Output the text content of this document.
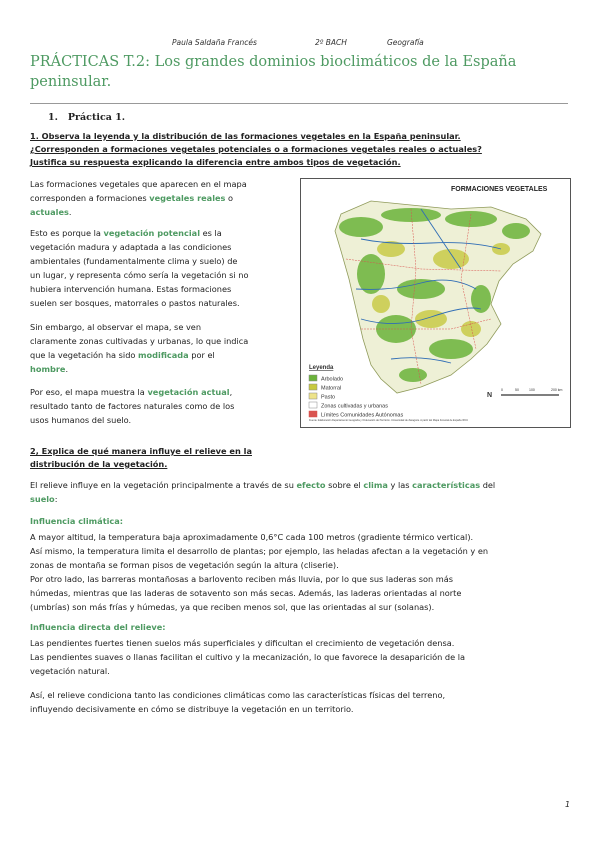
Paula Saldaña Francés	2º BACH	Geografía
PRÁCTICAS T.2: Los grandes dominios bioclimáticos de la España peninsular.
1. Práctica 1.
1. Observa la leyenda y la distribución de las formaciones vegetales en la España peninsular.
¿Corresponden a formaciones vegetales potenciales o a formaciones vegetales reales o actuales?
Justifica su respuesta explicando la diferencia entre ambos tipos de vegetación.
Las formaciones vegetales que aparecen en el mapa
corresponden a formaciones vegetales reales o
actuales.
Esto es porque la vegetación potencial es la
vegetación madura y adaptada a las condiciones
ambientales (fundamentalmente clima y suelo) de
un lugar, y representa cómo sería la vegetación si no
hubiera intervención humana. Estas formaciones
suelen ser bosques, matorrales o pastos naturales.
Sin embargo, al observar el mapa, se ven
claramente zonas cultivadas y urbanas, lo que indica
que la vegetación ha sido modificada por el
hombre.
Por eso, el mapa muestra la vegetación actual,
resultado tanto de factores naturales como de los
usos humanos del suelo.
FORMACIONES VEGETALES
Leyenda
Arbolado
Matorral
Pasto
Zonas cultivadas y urbanas
Límites Comunidades Autónomas
0	50	100	200 km
N
Fuente: Elaboración Departamento Geografía y Ordenación del Territorio. Universidad de Zaragoza. A partir del Mapa Forestal de España IFN4
2, Explica de qué manera influye el relieve en la
distribución de la vegetación.
El relieve influye en la vegetación principalmente a través de su efecto sobre el clima y las características del
suelo:
Influencia climática:
A mayor altitud, la temperatura baja aproximadamente 0,6°C cada 100 metros (gradiente térmico vertical).
Así mismo, la temperatura limita el desarrollo de plantas; por ejemplo, las heladas afectan a la vegetación y en
zonas de montaña se forman pisos de vegetación según la altura (cliserie).
Por otro lado, las barreras montañosas a barlovento reciben más lluvia, por lo que sus laderas son más
húmedas, mientras que las laderas de sotavento son más secas. Además, las laderas orientadas al norte
(umbrías) son más frías y húmedas, ya que reciben menos sol, que las orientadas al sur (solanas).
Influencia directa del relieve:
Las pendientes fuertes tienen suelos más superficiales y dificultan el crecimiento de vegetación densa.
Las pendientes suaves o llanas facilitan el cultivo y la mecanización, lo que favorece la desaparición de la
vegetación natural.
Así, el relieve condiciona tanto las condiciones climáticas como las características físicas del terreno,
influyendo decisivamente en cómo se distribuye la vegetación en un territorio.
1
